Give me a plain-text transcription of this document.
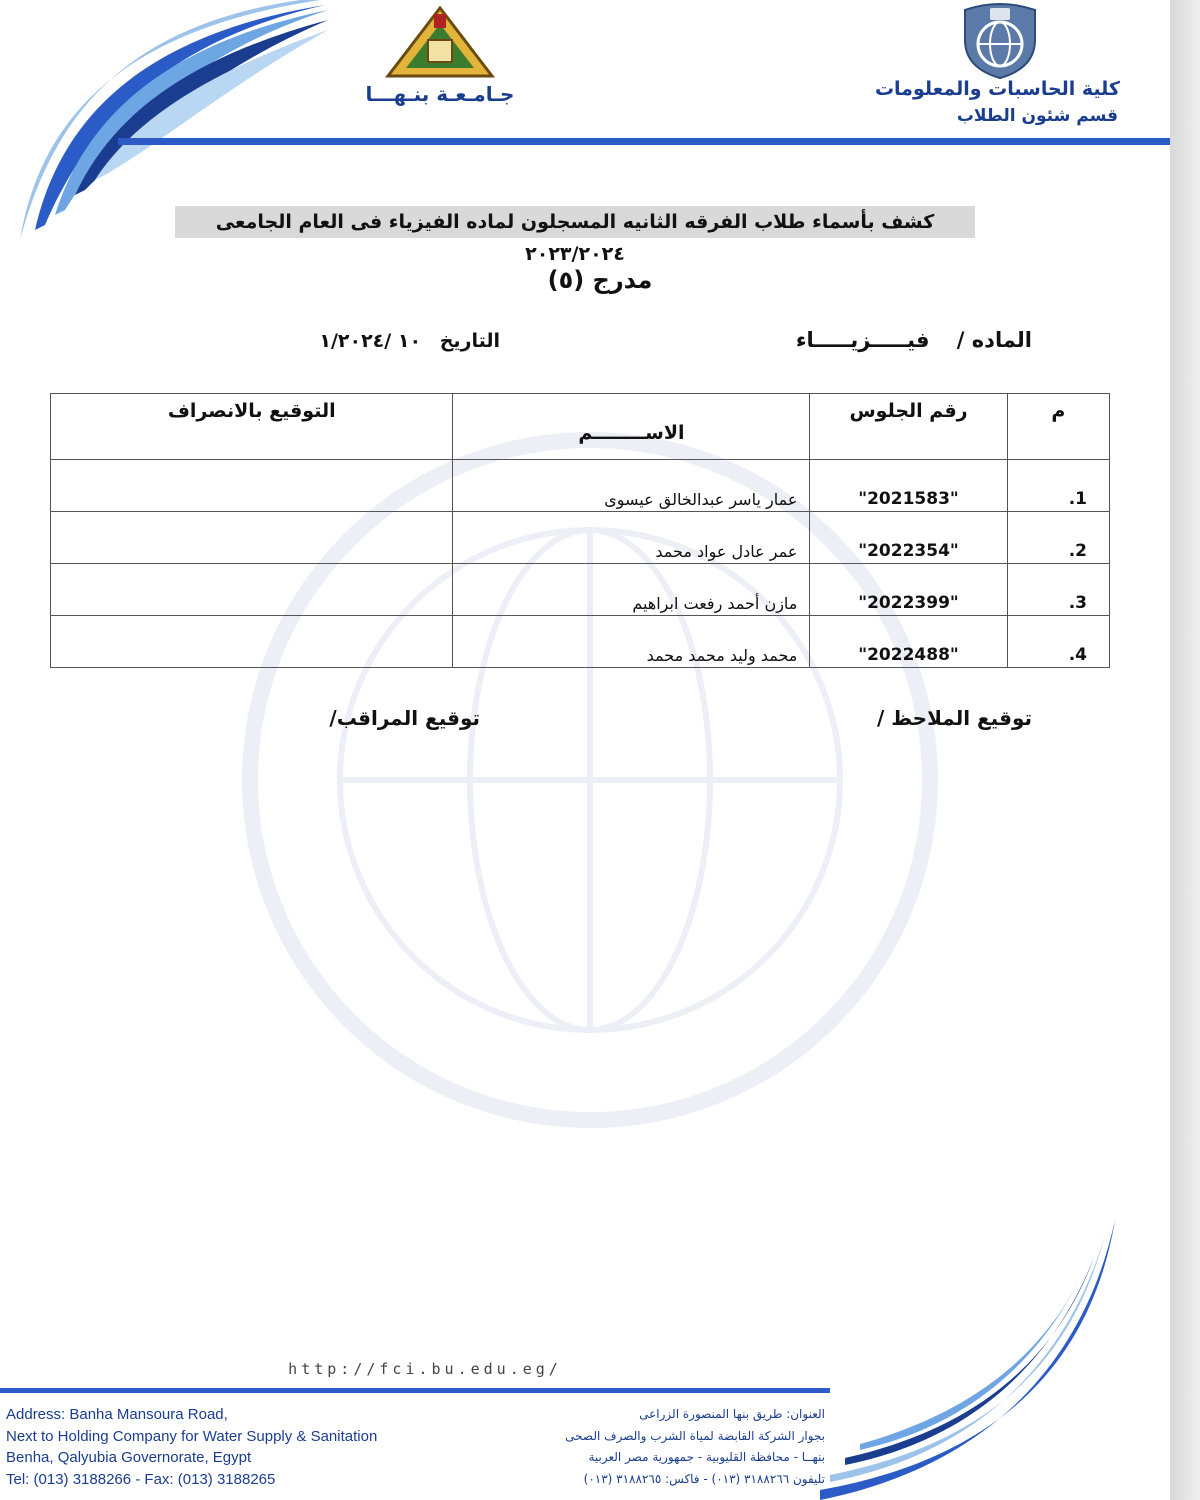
جـامـعـة بنـهـــا	كلية الحاسبات والمعلومات
قسم شئون الطلاب
كشف بأسماء طلاب الفرقه الثانيه المسجلون لماده الفيزياء فى العام الجامعى ٢٠٢٣/٢٠٢٤
مدرج (٥)
الماده / فيـــــزيـــــاء
التاريخ ١٠ /١/٢٠٢٤
م	رقم الجلوس	الاســــــــم	التوقيع بالانصراف
1.	"2021583"	عمار ياسر عبدالخالق عيسوى	
2.	"2022354"	عمر عادل عواد محمد	
3.	"2022399"	مازن أحمد رفعت ابراهيم	
4.	"2022488"	محمد وليد محمد محمد	
توقيع الملاحظ /
توقيع المراقب/
http://fci.bu.edu.eg/
Address: Banha Mansoura Road,
Next to Holding Company for Water Supply & Sanitation
Benha, Qalyubia Governorate, Egypt
Tel: (013) 3188266 - Fax: (013) 3188265
العنوان: طريق بنها المنصورة الزراعى
بجوار الشركة القابضة لمياة الشرب والصرف الصحى
بنهــا - محافظة القليوبية - جمهورية مصر العربية
تليفون ٣١٨٨٢٦٦ (٠١٣) - فاكس: ٣١٨٨٢٦٥ (٠١٣)
